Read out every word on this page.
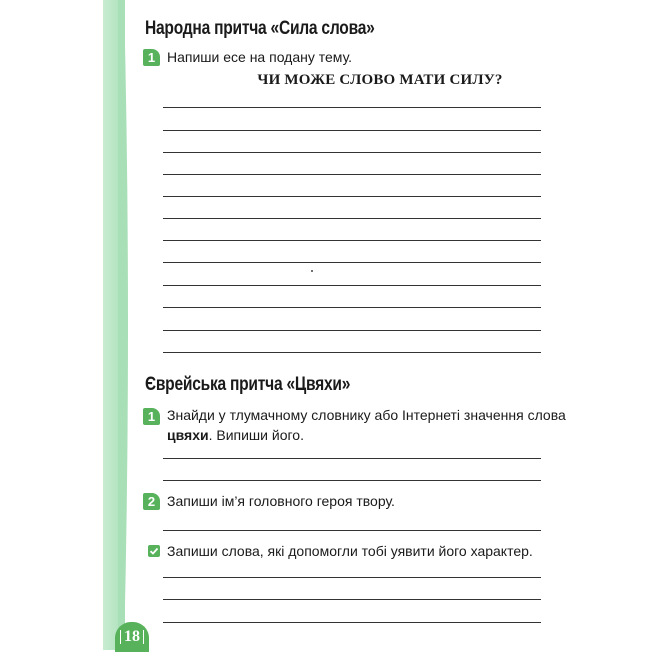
Народна притча «Сила слова»
1 Напиши есе на подану тему.
ЧИ МОЖЕ СЛОВО МАТИ СИЛУ?
Єврейська притча «Цвяхи»
1 Знайди у тлумачному словнику або Інтернеті значення слова
цвяхи. Випиши його.
2 Запиши ім’я головного героя твору.
Запиши слова, які допомогли тобі уявити його характер.
18
